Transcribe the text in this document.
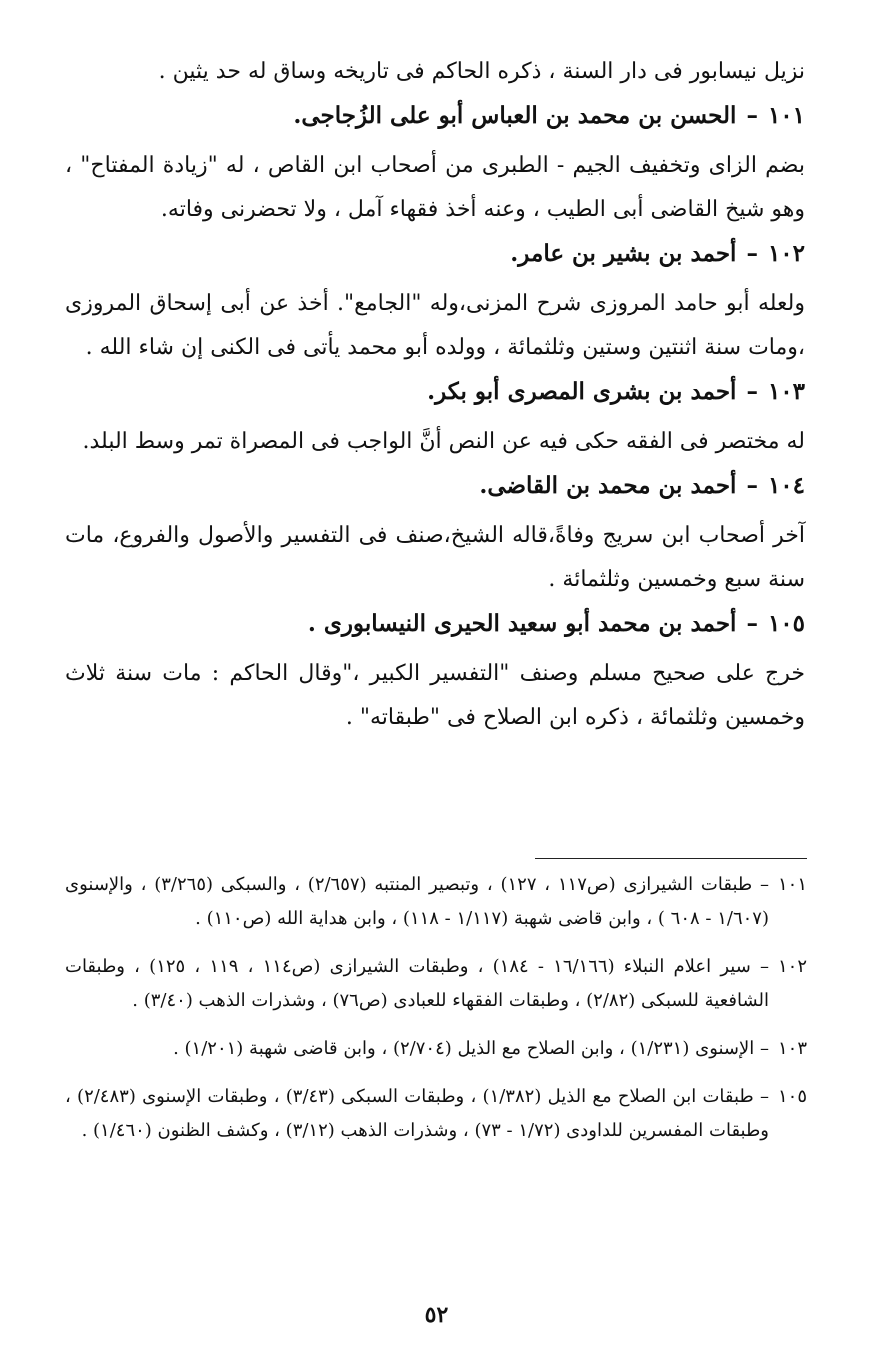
نزيل نيسابور فى دار السنة ، ذكره الحاكم فى تاريخه وساق له حد يثين .

١٠١–الحسن بن محمد بن العباس أبو على الزُجاجى.

بضم الزاى وتخفيف الجيم - الطبرى من أصحاب ابن القاص ، له "زيادة المفتاح" ، وهو شيخ القاضى أبى الطيب ، وعنه أخذ فقهاء آمل ، ولا تحضرنى وفاته.

١٠٢–أحمد بن بشير بن عامر.

ولعله أبو حامد المروزى شرح المزنى،وله "الجامع". أخذ عن أبى إسحاق المروزى ،ومات سنة اثنتين وستين وثلثمائة ، وولده أبو محمد يأتى فى الكنى إن شاء الله .

١٠٣–أحمد بن بشرى المصرى أبو بكر.

له مختصر فى الفقه حكى فيه عن النص أنَّ الواجب فى المصراة تمر وسط البلد.

١٠٤–أحمد بن محمد بن القاضى.

آخر أصحاب ابن سريج وفاةً،قاله الشيخ،صنف فى التفسير والأصول والفروع، مات سنة سبع وخمسين وثلثمائة .

١٠٥–أحمد بن محمد أبو سعيد الحيرى النيسابورى .

خرج على صحيح مسلم وصنف "التفسير الكبير ،"وقال الحاكم : مات سنة ثلاث وخمسين وثلثمائة ، ذكره ابن الصلاح فى "طبقاته" .

١٠١
– طبقات الشيرازى (ص١١٧ ، ١٢٧) ، وتبصير المنتبه (٢/٦٥٧) ، والسبكى (٣/٢٦٥) ، والإسنوى (١/٦٠٧ - ٦٠٨ ) ، وابن قاضى شهبة (١/١١٧ - ١١٨) ، وابن هداية الله (ص١١٠) .

١٠٢
– سير اعلام النبلاء (١٦/١٦٦ - ١٨٤) ، وطبقات الشيرازى (ص١١٤ ، ١١٩ ، ١٢٥) ، وطبقات الشافعية للسبكى (٢/٨٢) ، وطبقات الفقهاء للعبادى (ص٧٦) ، وشذرات الذهب (٣/٤٠) .

١٠٣
– الإسنوى (١/٢٣١) ، وابن الصلاح مع الذيل (٢/٧٠٤) ، وابن قاضى شهبة (١/٢٠١) .

١٠٥
– طبقات ابن الصلاح مع الذيل (١/٣٨٢) ، وطبقات السبكى (٣/٤٣) ، وطبقات الإسنوى (٢/٤٨٣) ، وطبقات المفسرين للداودى (١/٧٢ - ٧٣) ، وشذرات الذهب (٣/١٢) ، وكشف الظنون (١/٤٦٠) .

٥٢
